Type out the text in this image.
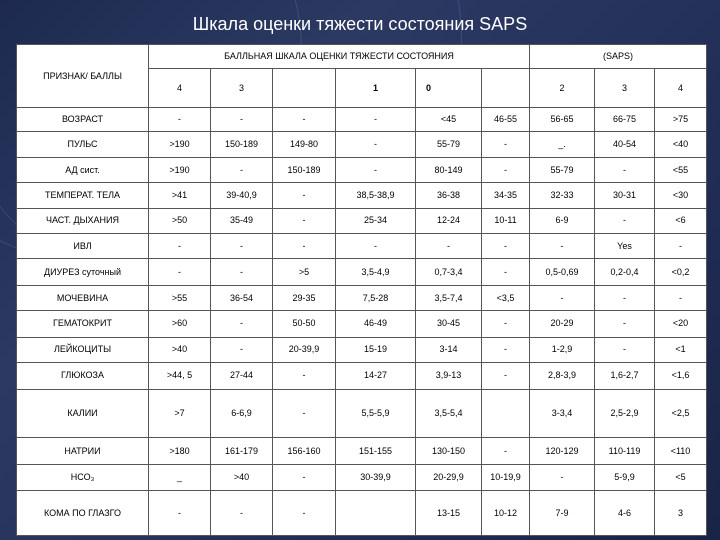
Шкала оценки тяжести состояния SAPS
ПРИЗНАК/ БАЛЛЫ	БАЛЛЬНАЯ ШКАЛА ОЦЕНКИ ТЯЖЕСТИ СОСТОЯНИЯ						(SAPS)		
	4	3		1	0		2	3	4
ВОЗРАСТ	-	-	-	-	<45	46-55	56-65	66-75	>75
ПУЛЬС	>190	150-189	149-80	-	55-79	-	_.	40-54	<40
АД сист.	>190	-	150-189	-	80-149	-	55-79	-	<55
ТЕМПЕРАТ. ТЕЛА	>41	39-40,9	-	38,5-38,9	36-38	34-35	32-33	30-31	<30
ЧАСТ. ДЫХАНИЯ	>50	35-49	-	25-34	12-24	10-11	6-9	-	<6
ИВЛ	-	-	-	-	-	-	-	Yes	-
ДИУРЕЗ суточный	-	-	>5	3,5-4,9	0,7-3,4	-	0,5-0,69	0,2-0,4	<0,2
МОЧЕВИНА	>55	36-54	29-35	7,5-28	3,5-7,4	<3,5	-	-	-
ГЕМАТОКРИТ	>60	-	50-50	46-49	30-45	-	20-29	-	<20
ЛЕЙКОЦИТЫ	>40	-	20-39,9	15-19	3-14	-	1-2,9	-	<1
ГЛЮКОЗА	>44, 5	27-44	-	14-27	3,9-13	-	2,8-3,9	1,6-2,7	<1,6
КАЛИИ	>7	6-6,9	-	5,5-5,9	3,5-5,4		3-3,4	2,5-2,9	<2,5
НАТРИИ	>180	161-179	156-160	151-155	130-150	-	120-129	110-119	<110
НСО₃	_	>40	-	30-39,9	20-29,9	10-19,9	-	5-9,9	<5
КОМА ПО ГЛАЗГО	-	-	-		13-15	10-12	7-9	4-6	3
